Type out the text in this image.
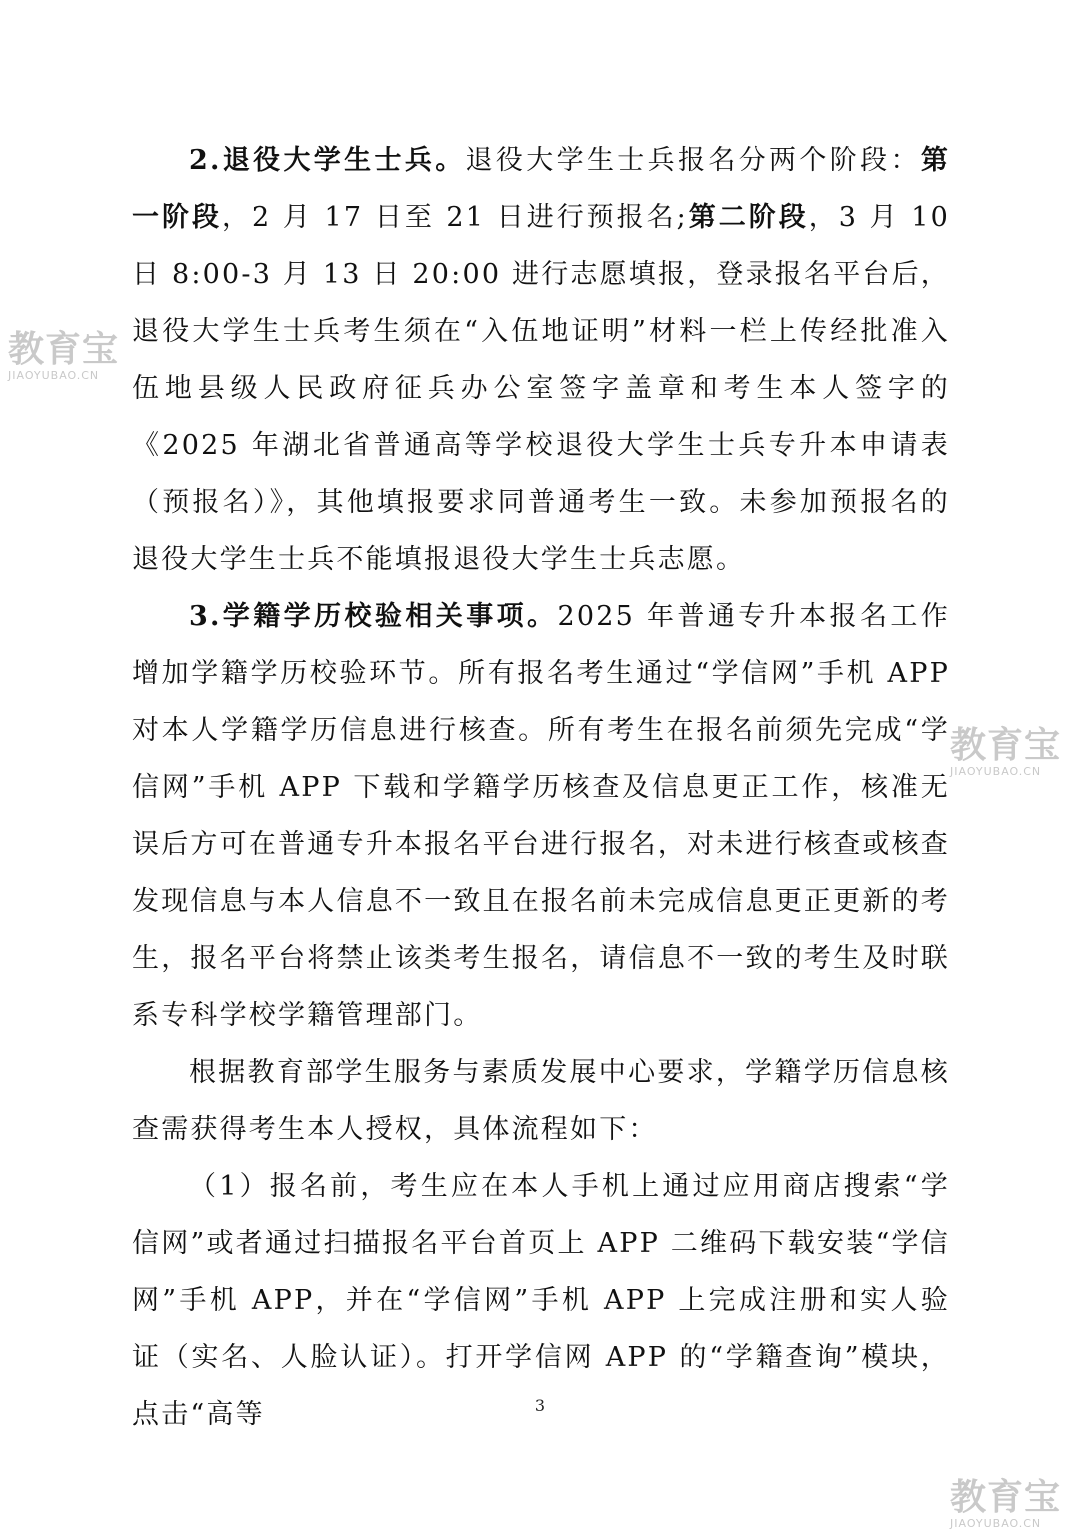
2.退役大学生士兵。退役大学生士兵报名分两个阶段：第一阶段，2 月 17 日至 21 日进行预报名;第二阶段，3 月 10 日 8:00-3 月 13 日 20:00 进行志愿填报，登录报名平台后，退役大学生士兵考生须在“入伍地证明”材料一栏上传经批准入伍地县级人民政府征兵办公室签字盖章和考生本人签字的《2025 年湖北省普通高等学校退役大学生士兵专升本申请表（预报名）》，其他填报要求同普通考生一致。未参加预报名的退役大学生士兵不能填报退役大学生士兵志愿。

3.学籍学历校验相关事项。2025 年普通专升本报名工作增加学籍学历校验环节。所有报名考生通过“学信网”手机 APP 对本人学籍学历信息进行核查。所有考生在报名前须先完成“学信网”手机 APP 下载和学籍学历核查及信息更正工作，核准无误后方可在普通专升本报名平台进行报名，对未进行核查或核查发现信息与本人信息不一致且在报名前未完成信息更正更新的考生，报名平台将禁止该类考生报名，请信息不一致的考生及时联系专科学校学籍管理部门。

根据教育部学生服务与素质发展中心要求，学籍学历信息核查需获得考生本人授权，具体流程如下：

（1）报名前，考生应在本人手机上通过应用商店搜索“学信网”或者通过扫描报名平台首页上 APP 二维码下载安装“学信网”手机 APP，并在“学信网”手机 APP 上完成注册和实人验证（实名、人脸认证）。打开学信网 APP 的“学籍查询”模块，点击“高等	3
教育宝
JIAOYUBAO.CN
教育宝
JIAOYUBAO.CN
教育宝
JIAOYUBAO.CN
